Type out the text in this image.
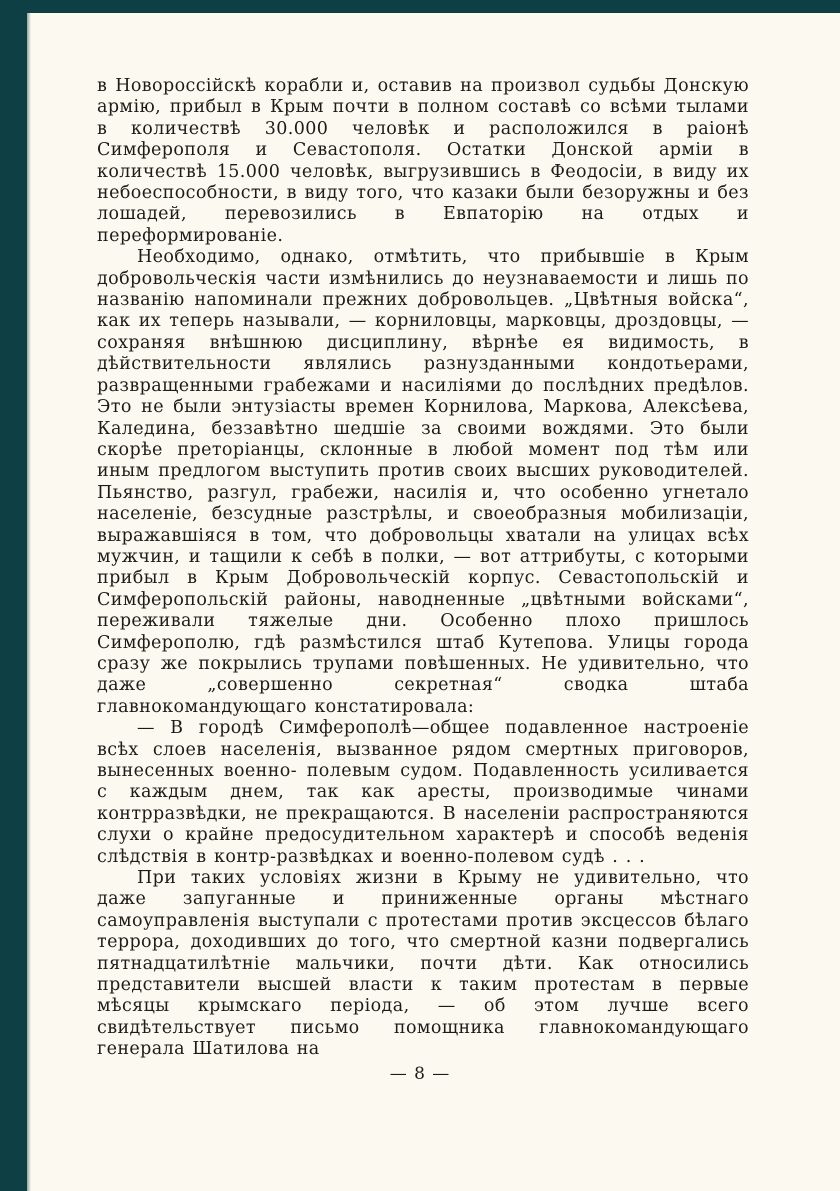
в Новороссійскѣ корабли и, оставив на произвол судьбы Донскую армію, прибыл в Крым почти в полном составѣ со всѣми тылами в количествѣ 30.000 человѣк и расположился в раіонѣ Симферополя и Севастополя. Остатки Донской арміи в количествѣ 15.000 человѣк, выгрузившись в Феодосіи, в виду их небоеспособности, в виду того, что казаки были безоружны и без лошадей, перевозились в Евпаторію на отдых и переформированіе.

Необходимо, однако, отмѣтить, что прибывшіе в Крым добровольческія части измѣнились до неузнаваемости и лишь по названію напоминали прежних добровольцев. „Цвѣтныя войска“, как их теперь называли, — корниловцы, марковцы, дроздовцы, — сохраняя внѣшнюю дисциплину, вѣрнѣе ея видимость, в дѣйствительности являлись разнузданными кондотьерами, развращенными грабежами и насиліями до послѣдних предѣлов. Это не были энтузіасты времен Корнилова, Маркова, Алексѣева, Каледина, беззавѣтно шедшіе за своими вождями. Это были скорѣе преторіанцы, склонные в любой момент под тѣм или иным предлогом выступить против своих высших руководителей. Пьянство, разгул, грабежи, насилія и, что особенно угнетало населеніе, безсудные разстрѣлы, и своеобразныя мобилизаціи, выражавшіяся в том, что добровольцы хватали на улицах всѣх мужчин, и тащили к себѣ в полки, — вот аттрибуты, с которыми прибыл в Крым Добровольческій корпус. Севастопольскій и Симферопольскій районы, наводненные „цвѣтными войсками“, переживали тяжелые дни. Особенно плохо пришлось Симферополю, гдѣ размѣстился штаб Кутепова. Улицы города сразу же покрылись трупами повѣшенных. Не удивительно, что даже „совершенно секретная“ сводка штаба главнокомандующаго констатировала:

— В городѣ Симферополѣ—общее подавленное настроеніе всѣх слоев населенія, вызванное рядом смертных приговоров, вынесенных военно- полевым судом. Подавленность усиливается с каждым днем, так как аресты, производимые чинами контрразвѣдки, не прекращаются. В населеніи распространяются слухи о крайне предосудительном характерѣ и способѣ веденія слѣдствія в контр-развѣдках и военно-полевом судѣ . . .

При таких условіях жизни в Крыму не удивительно, что даже запуганные и приниженные органы мѣстнаго самоуправленія выступали с протестами против эксцессов бѣлаго террора, доходивших до того, что смертной казни подвергались пятнадцатилѣтніе мальчики, почти дѣти. Как относились представители высшей власти к таким протестам в первые мѣсяцы крымскаго періода, — об этом лучше всего свидѣтельствует письмо помощника главнокомандующаго генерала Шатилова на

— 8 —
